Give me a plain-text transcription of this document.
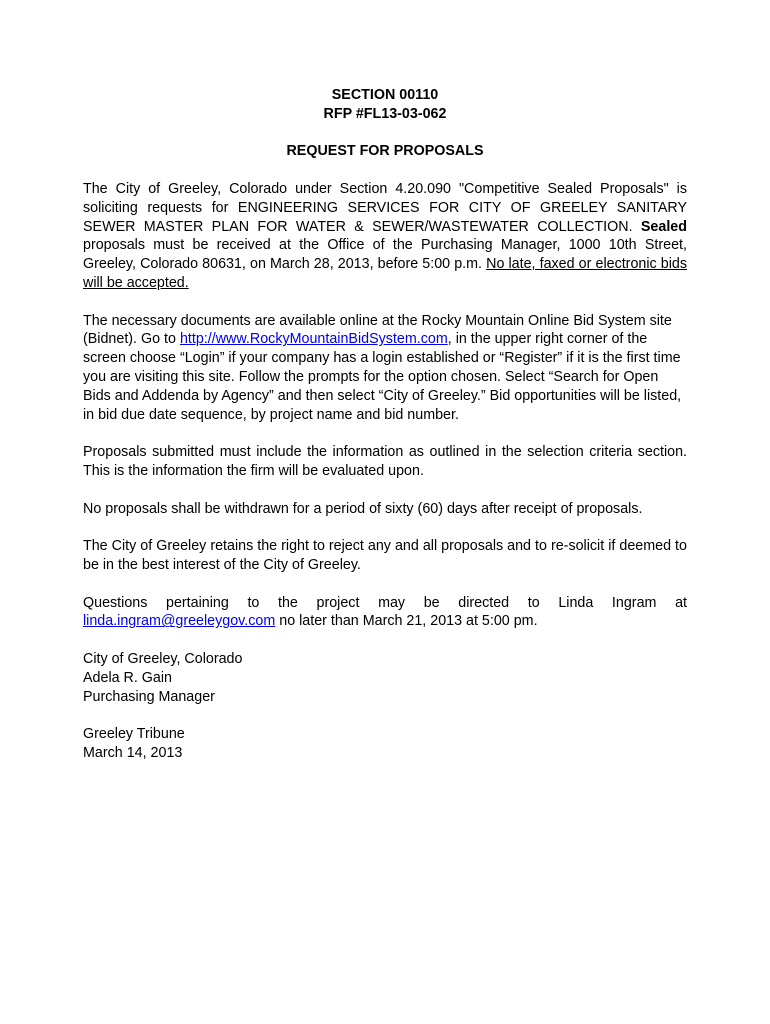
SECTION 00110
RFP #FL13-03-062
REQUEST FOR PROPOSALS

The City of Greeley, Colorado under Section 4.20.090 "Competitive Sealed Proposals" is soliciting requests for ENGINEERING SERVICES FOR CITY OF GREELEY SANITARY SEWER MASTER PLAN FOR WATER & SEWER/WASTEWATER COLLECTION. Sealed proposals must be received at the Office of the Purchasing Manager, 1000 10th Street, Greeley, Colorado 80631, on March 28, 2013, before 5:00 p.m. No late, faxed or electronic bids will be accepted.

The necessary documents are available online at the Rocky Mountain Online Bid System site (Bidnet). Go to http://www.RockyMountainBidSystem.com, in the upper right corner of the screen choose “Login” if your company has a login established or “Register” if it is the first time you are visiting this site. Follow the prompts for the option chosen. Select “Search for Open Bids and Addenda by Agency” and then select “City of Greeley.” Bid opportunities will be listed, in bid due date sequence, by project name and bid number.

Proposals submitted must include the information as outlined in the selection criteria section. This is the information the firm will be evaluated upon.

No proposals shall be withdrawn for a period of sixty (60) days after receipt of proposals.

The City of Greeley retains the right to reject any and all proposals and to re-solicit if deemed to be in the best interest of the City of Greeley.

Questions pertaining to the project may be directed to Linda Ingram at
linda.ingram@greeleygov.com no later than March 21, 2013 at 5:00 pm.

City of Greeley, Colorado
Adela R. Gain
Purchasing Manager

Greeley Tribune
March 14, 2013
